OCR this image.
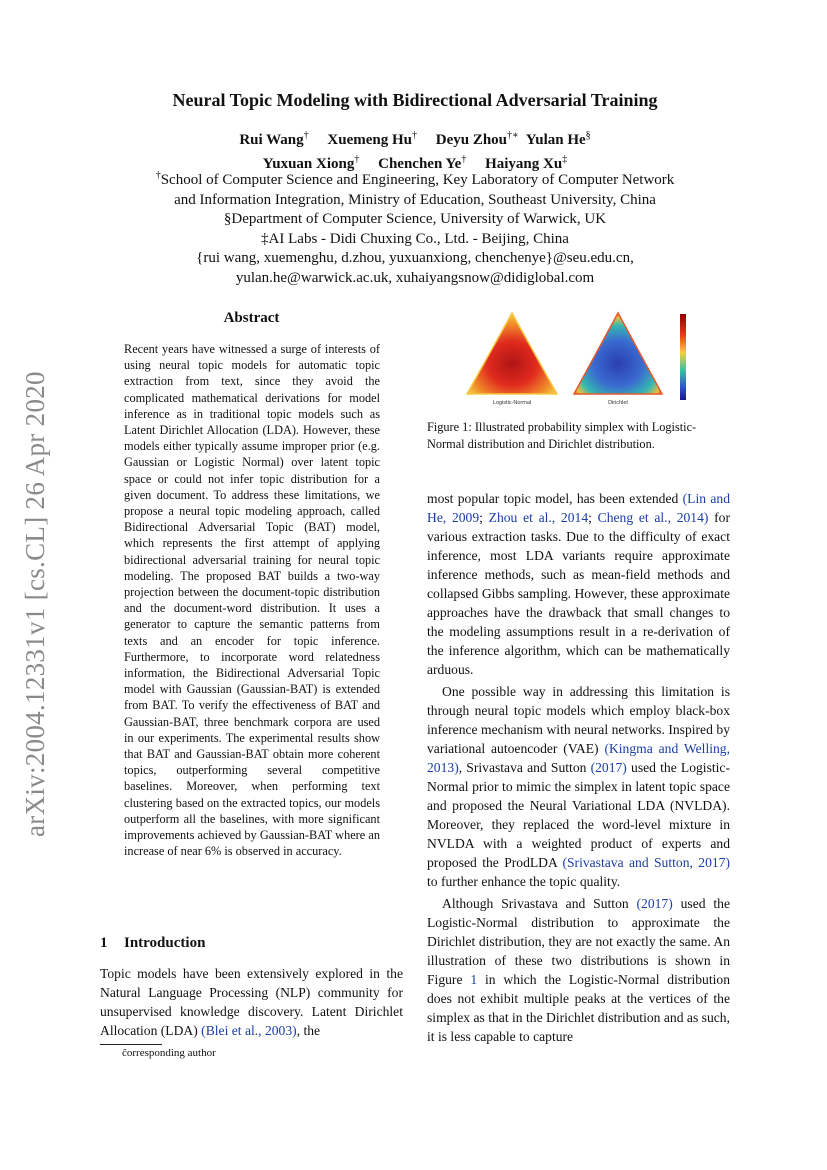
arXiv:2004.12331v1 [cs.CL] 26 Apr 2020
Neural Topic Modeling with Bidirectional Adversarial Training
Rui Wang† Xuemeng Hu† Deyu Zhou†∗ Yulan He§
Yuxuan Xiong† Chenchen Ye† Haiyang Xu‡
†School of Computer Science and Engineering, Key Laboratory of Computer Network
and Information Integration, Ministry of Education, Southeast University, China
§Department of Computer Science, University of Warwick, UK
‡AI Labs - Didi Chuxing Co., Ltd. - Beijing, China
{rui wang, xuemenghu, d.zhou, yuxuanxiong, chenchenye}@seu.edu.cn,
yulan.he@warwick.ac.uk, xuhaiyangsnow@didiglobal.com
Abstract
Recent years have witnessed a surge of interests of using neural topic models for automatic topic extraction from text, since they avoid the complicated mathematical derivations for model inference as in traditional topic models such as Latent Dirichlet Allocation (LDA). However, these models either typically assume improper prior (e.g. Gaussian or Logistic Normal) over latent topic space or could not infer topic distribution for a given document. To address these limitations, we propose a neural topic modeling approach, called Bidirectional Adversarial Topic (BAT) model, which represents the first attempt of applying bidirectional adversarial training for neural topic modeling. The proposed BAT builds a two-way projection between the document-topic distribution and the document-word distribution. It uses a generator to capture the semantic patterns from texts and an encoder for topic inference. Furthermore, to incorporate word relatedness information, the Bidirectional Adversarial Topic model with Gaussian (Gaussian-BAT) is extended from BAT. To verify the effectiveness of BAT and Gaussian-BAT, three benchmark corpora are used in our experiments. The experimental results show that BAT and Gaussian-BAT obtain more coherent topics, outperforming several competitive baselines. Moreover, when performing text clustering based on the extracted topics, our models outperform all the baselines, with more significant improvements achieved by Gaussian-BAT where an increase of near 6% is observed in accuracy.
1 Introduction

Topic models have been extensively explored in the Natural Language Processing (NLP) community for unsupervised knowledge discovery. Latent Dirichlet Allocation (LDA) (Blei et al., 2003), the

ĉorresponding author
Logistic-Normal	Dirichlet
Figure 1: Illustrated probability simplex with Logistic-Normal distribution and Dirichlet distribution.

most popular topic model, has been extended (Lin and He, 2009; Zhou et al., 2014; Cheng et al., 2014) for various extraction tasks. Due to the difficulty of exact inference, most LDA variants require approximate inference methods, such as mean-field methods and collapsed Gibbs sampling. However, these approximate approaches have the drawback that small changes to the modeling assumptions result in a re-derivation of the inference algorithm, which can be mathematically arduous.

One possible way in addressing this limitation is through neural topic models which employ black-box inference mechanism with neural networks. Inspired by variational autoencoder (VAE) (Kingma and Welling, 2013), Srivastava and Sutton (2017) used the Logistic-Normal prior to mimic the simplex in latent topic space and proposed the Neural Variational LDA (NVLDA). Moreover, they replaced the word-level mixture in NVLDA with a weighted product of experts and proposed the ProdLDA (Srivastava and Sutton, 2017) to further enhance the topic quality.

Although Srivastava and Sutton (2017) used the Logistic-Normal distribution to approximate the Dirichlet distribution, they are not exactly the same. An illustration of these two distributions is shown in Figure 1 in which the Logistic-Normal distribution does not exhibit multiple peaks at the vertices of the simplex as that in the Dirichlet distribution and as such, it is less capable to capture
